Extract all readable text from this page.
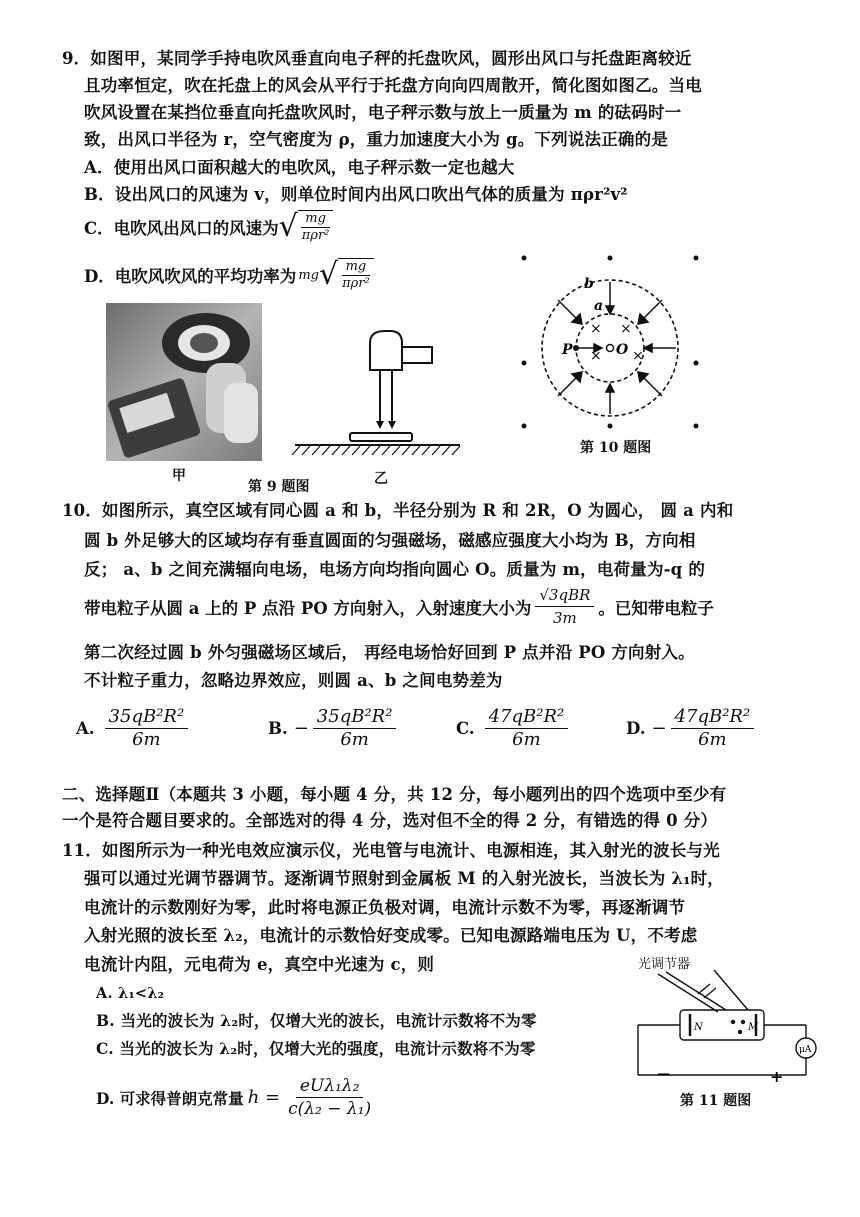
9．如图甲，某同学手持电吹风垂直向电子秤的托盘吹风，圆形出风口与托盘距离较近
且功率恒定，吹在托盘上的风会从平行于托盘方向向四周散开，简化图如图乙。当电
吹风设置在某挡位垂直向托盘吹风时，电子秤示数与放上一质量为 m 的砝码时一
致，出风口半径为 r，空气密度为 ρ，重力加速度大小为 g。下列说法正确的是
A．使用出风口面积越大的电吹风，电子秤示数一定也越大
B．设出风口的风速为 v，则单位时间内出风口吹出气体的质量为 πρr²v²
C．电吹风出风口的风速为 √ $\frac{mg}{\text{πρr²}}$
D．电吹风吹风的平均功率为 mg √ $\frac{mg}{\text{πρr²}}$
甲	乙
第 9 题图
b
a
P	O
× ×
× ×
第 10 题图
10．如图所示，真空区域有同心圆 a 和 b，半径分别为 R 和 2R，O 为圆心， 圆 a 内和
圆 b 外足够大的区域均存有垂直圆面的匀强磁场，磁感应强度大小均为 B，方向相
反； a、b 之间充满辐向电场，电场方向均指向圆心 O。质量为 m，电荷量为-q 的
带电粒子从圆 a 上的 P 点沿 PO 方向射入，入射速度大小为 $\frac{\text{√3qBR}}{3m}$ 。已知带电粒子
第二次经过圆 b 外匀强磁场区域后， 再经电场恰好回到 P 点并沿 PO 方向射入。
不计粒子重力，忽略边界效应，则圆 a、b 之间电势差为
A. $\frac{\text{35qB²R²}}{6m}$	B. − $\frac{\text{35qB²R²}}{6m}$	C. $\frac{\text{47qB²R²}}{6m}$	D. − $\frac{\text{47qB²R²}}{6m}$
二、选择题Ⅱ（本题共 3 小题，每小题 4 分，共 12 分，每小题列出的四个选项中至少有
一个是符合题目要求的。全部选对的得 4 分，选对但不全的得 2 分，有错选的得 0 分）
11．如图所示为一种光电效应演示仪，光电管与电流计、电源相连，其入射光的波长与光
强可以通过光调节器调节。逐渐调节照射到金属板 M 的入射光波长，当波长为 λ₁时，
电流计的示数刚好为零，此时将电源正负极对调，电流计示数不为零，再逐渐调节
入射光照的波长至 λ₂，电流计的示数恰好变成零。已知电源路端电压为 U，不考虑
电流计内阻，元电荷为 e，真空中光速为 c，则
A. λ₁<λ₂
B. 当光的波长为 λ₂时，仅增大光的波长，电流计示数将不为零
C. 当光的波长为 λ₂时，仅增大光的强度，电流计示数将不为零
D. 可求得普朗克常量 $h = \frac{\text{eUλ₁λ₂}}{\text{c(λ₂ − λ₁)}}$
光调节器
N	M
μA
−	+
第 11 题图
